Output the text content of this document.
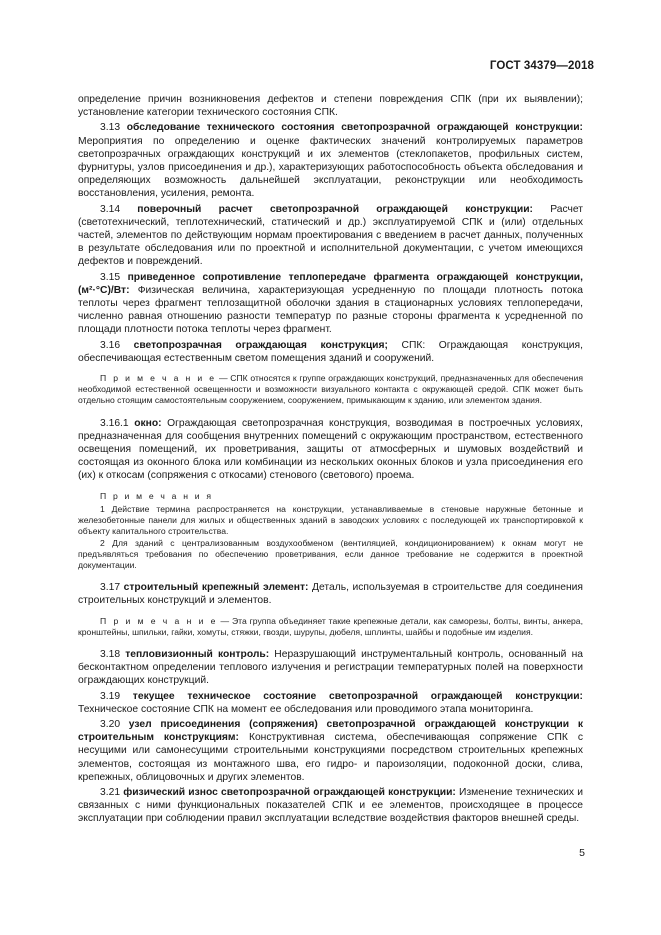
ГОСТ 34379—2018

определение причин возникновения дефектов и степени повреждения СПК (при их выявлении); установление категории технического состояния СПК.

3.13 обследование технического состояния светопрозрачной ограждающей конструкции: Мероприятия по определению и оценке фактических значений контролируемых параметров светопрозрачных ограждающих конструкций и их элементов (стеклопакетов, профильных систем, фурнитуры, узлов присоединения и др.), характеризующих работоспособность объекта обследования и определяющих возможность дальнейшей эксплуатации, реконструкции или необходимость восстановления, усиления, ремонта.

3.14 поверочный расчет светопрозрачной ограждающей конструкции: Расчет (светотехнический, теплотехнический, статический и др.) эксплуатируемой СПК и (или) отдельных частей, элементов по действующим нормам проектирования с введением в расчет данных, полученных в результате обследования или по проектной и исполнительной документации, с учетом имеющихся дефектов и повреждений.

3.15 приведенное сопротивление теплопередаче фрагмента ограждающей конструкции, (м²·°С)/Вт: Физическая величина, характеризующая усредненную по площади плотность потока теплоты через фрагмент теплозащитной оболочки здания в стационарных условиях теплопередачи, численно равная отношению разности температур по разные стороны фрагмента к усредненной по площади плотности потока теплоты через фрагмент.

3.16 светопрозрачная ограждающая конструкция; СПК: Ограждающая конструкция, обеспечивающая естественным светом помещения зданий и сооружений.

П р и м е ч а н и е — СПК относятся к группе ограждающих конструкций, предназначенных для обеспечения необходимой естественной освещенности и возможности визуального контакта с окружающей средой. СПК может быть отдельно стоящим самостоятельным сооружением, сооружением, примыкающим к зданию, или элементом здания.

3.16.1 окно: Ограждающая светопрозрачная конструкция, возводимая в построечных условиях, предназначенная для сообщения внутренних помещений с окружающим пространством, естественного освещения помещений, их проветривания, защиты от атмосферных и шумовых воздействий и состоящая из оконного блока или комбинации из нескольких оконных блоков и узла присоединения его (их) к откосам (сопряжения с откосами) стенового (светового) проема.

П р и м е ч а н и я

1 Действие термина распространяется на конструкции, устанавливаемые в стеновые наружные бетонные и железобетонные панели для жилых и общественных зданий в заводских условиях с последующей их транспортировкой к объекту капитального строительства.

2 Для зданий с централизованным воздухообменом (вентиляцией, кондиционированием) к окнам могут не предъявляться требования по обеспечению проветривания, если данное требование не содержится в проектной документации.

3.17 строительный крепежный элемент: Деталь, используемая в строительстве для соединения строительных конструкций и элементов.

П р и м е ч а н и е — Эта группа объединяет такие крепежные детали, как саморезы, болты, винты, анкера, кронштейны, шпильки, гайки, хомуты, стяжки, гвозди, шурупы, дюбеля, шплинты, шайбы и подобные им изделия.

3.18 тепловизионный контроль: Неразрушающий инструментальный контроль, основанный на бесконтактном определении теплового излучения и регистрации температурных полей на поверхности ограждающих конструкций.

3.19 текущее техническое состояние светопрозрачной ограждающей конструкции: Техническое состояние СПК на момент ее обследования или проводимого этапа мониторинга.

3.20 узел присоединения (сопряжения) светопрозрачной ограждающей конструкции к строительным конструкциям: Конструктивная система, обеспечивающая сопряжение СПК с несущими или самонесущими строительными конструкциями посредством строительных крепежных элементов, состоящая из монтажного шва, его гидро- и пароизоляции, подоконной доски, слива, крепежных, облицовочных и других элементов.

3.21 физический износ светопрозрачной ограждающей конструкции: Изменение технических и связанных с ними функциональных показателей СПК и ее элементов, происходящее в процессе эксплуатации при соблюдении правил эксплуатации вследствие воздействия факторов внешней среды.

5
